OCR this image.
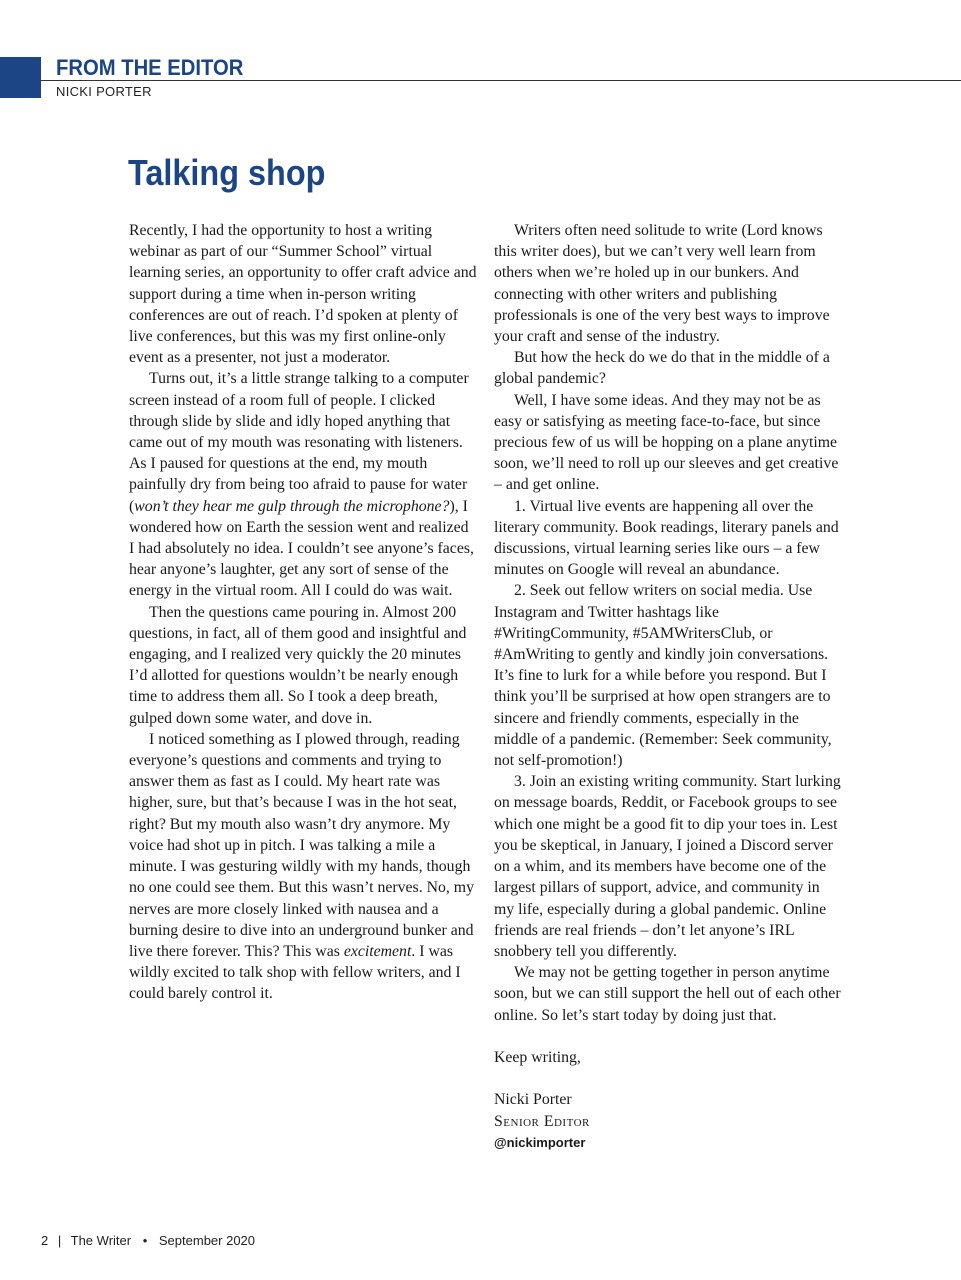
FROM THE EDITOR
NICKI PORTER
Talking shop

Recently, I had the opportunity to host a writing webinar as part of our “Summer School” virtual learning series, an opportunity to offer craft advice and support during a time when in-person writing conferences are out of reach. I’d spoken at plenty of live conferences, but this was my first online-only event as a presenter, not just a moderator.

Turns out, it’s a little strange talking to a computer screen instead of a room full of people. I clicked through slide by slide and idly hoped anything that came out of my mouth was resonating with listeners. As I paused for questions at the end, my mouth painfully dry from being too afraid to pause for water (won’t they hear me gulp through the microphone?), I wondered how on Earth the session went and realized I had absolutely no idea. I couldn’t see anyone’s faces, hear anyone’s laughter, get any sort of sense of the energy in the virtual room. All I could do was wait.

Then the questions came pouring in. Almost 200 questions, in fact, all of them good and insightful and engaging, and I realized very quickly the 20 minutes I’d allotted for questions wouldn’t be nearly enough time to address them all. So I took a deep breath, gulped down some water, and dove in.

I noticed something as I plowed through, reading everyone’s questions and comments and trying to answer them as fast as I could. My heart rate was higher, sure, but that’s because I was in the hot seat, right? But my mouth also wasn’t dry anymore. My voice had shot up in pitch. I was talking a mile a minute. I was gesturing wildly with my hands, though no one could see them. But this wasn’t nerves. No, my nerves are more closely linked with nausea and a burning desire to dive into an underground bunker and live there forever. This? This was excitement. I was wildly excited to talk shop with fellow writers, and I could barely control it.

Writers often need solitude to write (Lord knows this writer does), but we can’t very well learn from others when we’re holed up in our bunkers. And connecting with other writers and publishing professionals is one of the very best ways to improve your craft and sense of the industry.

But how the heck do we do that in the middle of a global pandemic?

Well, I have some ideas. And they may not be as easy or satisfying as meeting face-to-face, but since precious few of us will be hopping on a plane anytime soon, we’ll need to roll up our sleeves and get creative – and get online.

1. Virtual live events are happening all over the literary community. Book readings, literary panels and discussions, virtual learning series like ours – a few minutes on Google will reveal an abundance.

2. Seek out fellow writers on social media. Use Instagram and Twitter hashtags like #WritingCommunity, #5AMWritersClub, or #AmWriting to gently and kindly join conversations. It’s fine to lurk for a while before you respond. But I think you’ll be surprised at how open strangers are to sincere and friendly comments, especially in the middle of a pandemic. (Remember: Seek community, not self-promotion!)

3. Join an existing writing community. Start lurking on message boards, Reddit, or Facebook groups to see which one might be a good fit to dip your toes in. Lest you be skeptical, in January, I joined a Discord server on a whim, and its members have become one of the largest pillars of support, advice, and community in my life, especially during a global pandemic. Online friends are real friends – don’t let anyone’s IRL snobbery tell you differently.

We may not be getting together in person anytime soon, but we can still support the hell out of each other online. So let’s start today by doing just that.

Keep writing,

Nicki Porter

Senior Editor

@nickimporter

2 | The Writer • September 2020
